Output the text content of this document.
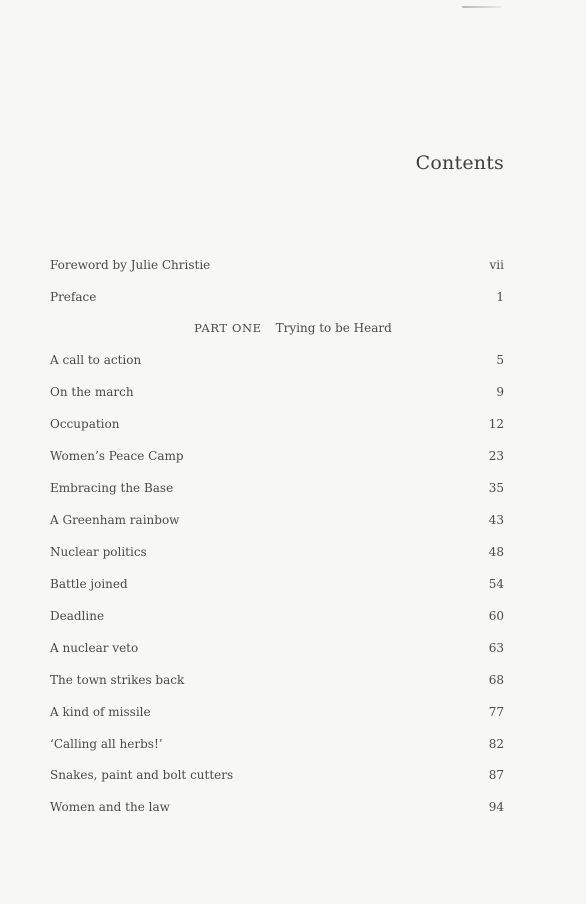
Contents
Foreword by Julie Christie	vii
Preface	1
PART ONE Trying to be Heard
A call to action	5
On the march	9
Occupation	12
Women’s Peace Camp	23
Embracing the Base	35
A Greenham rainbow	43
Nuclear politics	48
Battle joined	54
Deadline	60
A nuclear veto	63
The town strikes back	68
A kind of missile	77
‘Calling all herbs!’	82
Snakes, paint and bolt cutters	87
Women and the law	94
